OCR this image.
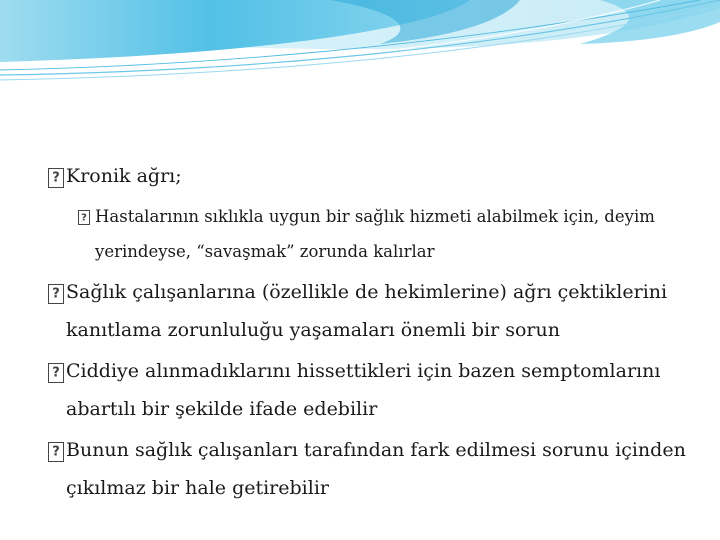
?
Kronik ağrı;
?
Hastalarının sıklıkla uygun bir sağlık hizmeti alabilmek için, deyim
yerindeyse, “savaşmak” zorunda kalırlar
?
Sağlık çalışanlarına (özellikle de hekimlerine) ağrı çektiklerini
kanıtlama zorunluluğu yaşamaları önemli bir sorun
?
Ciddiye alınmadıklarını hissettikleri için bazen semptomlarını
abartılı bir şekilde ifade edebilir
?
Bunun sağlık çalışanları tarafından fark edilmesi sorunu içinden
çıkılmaz bir hale getirebilir
